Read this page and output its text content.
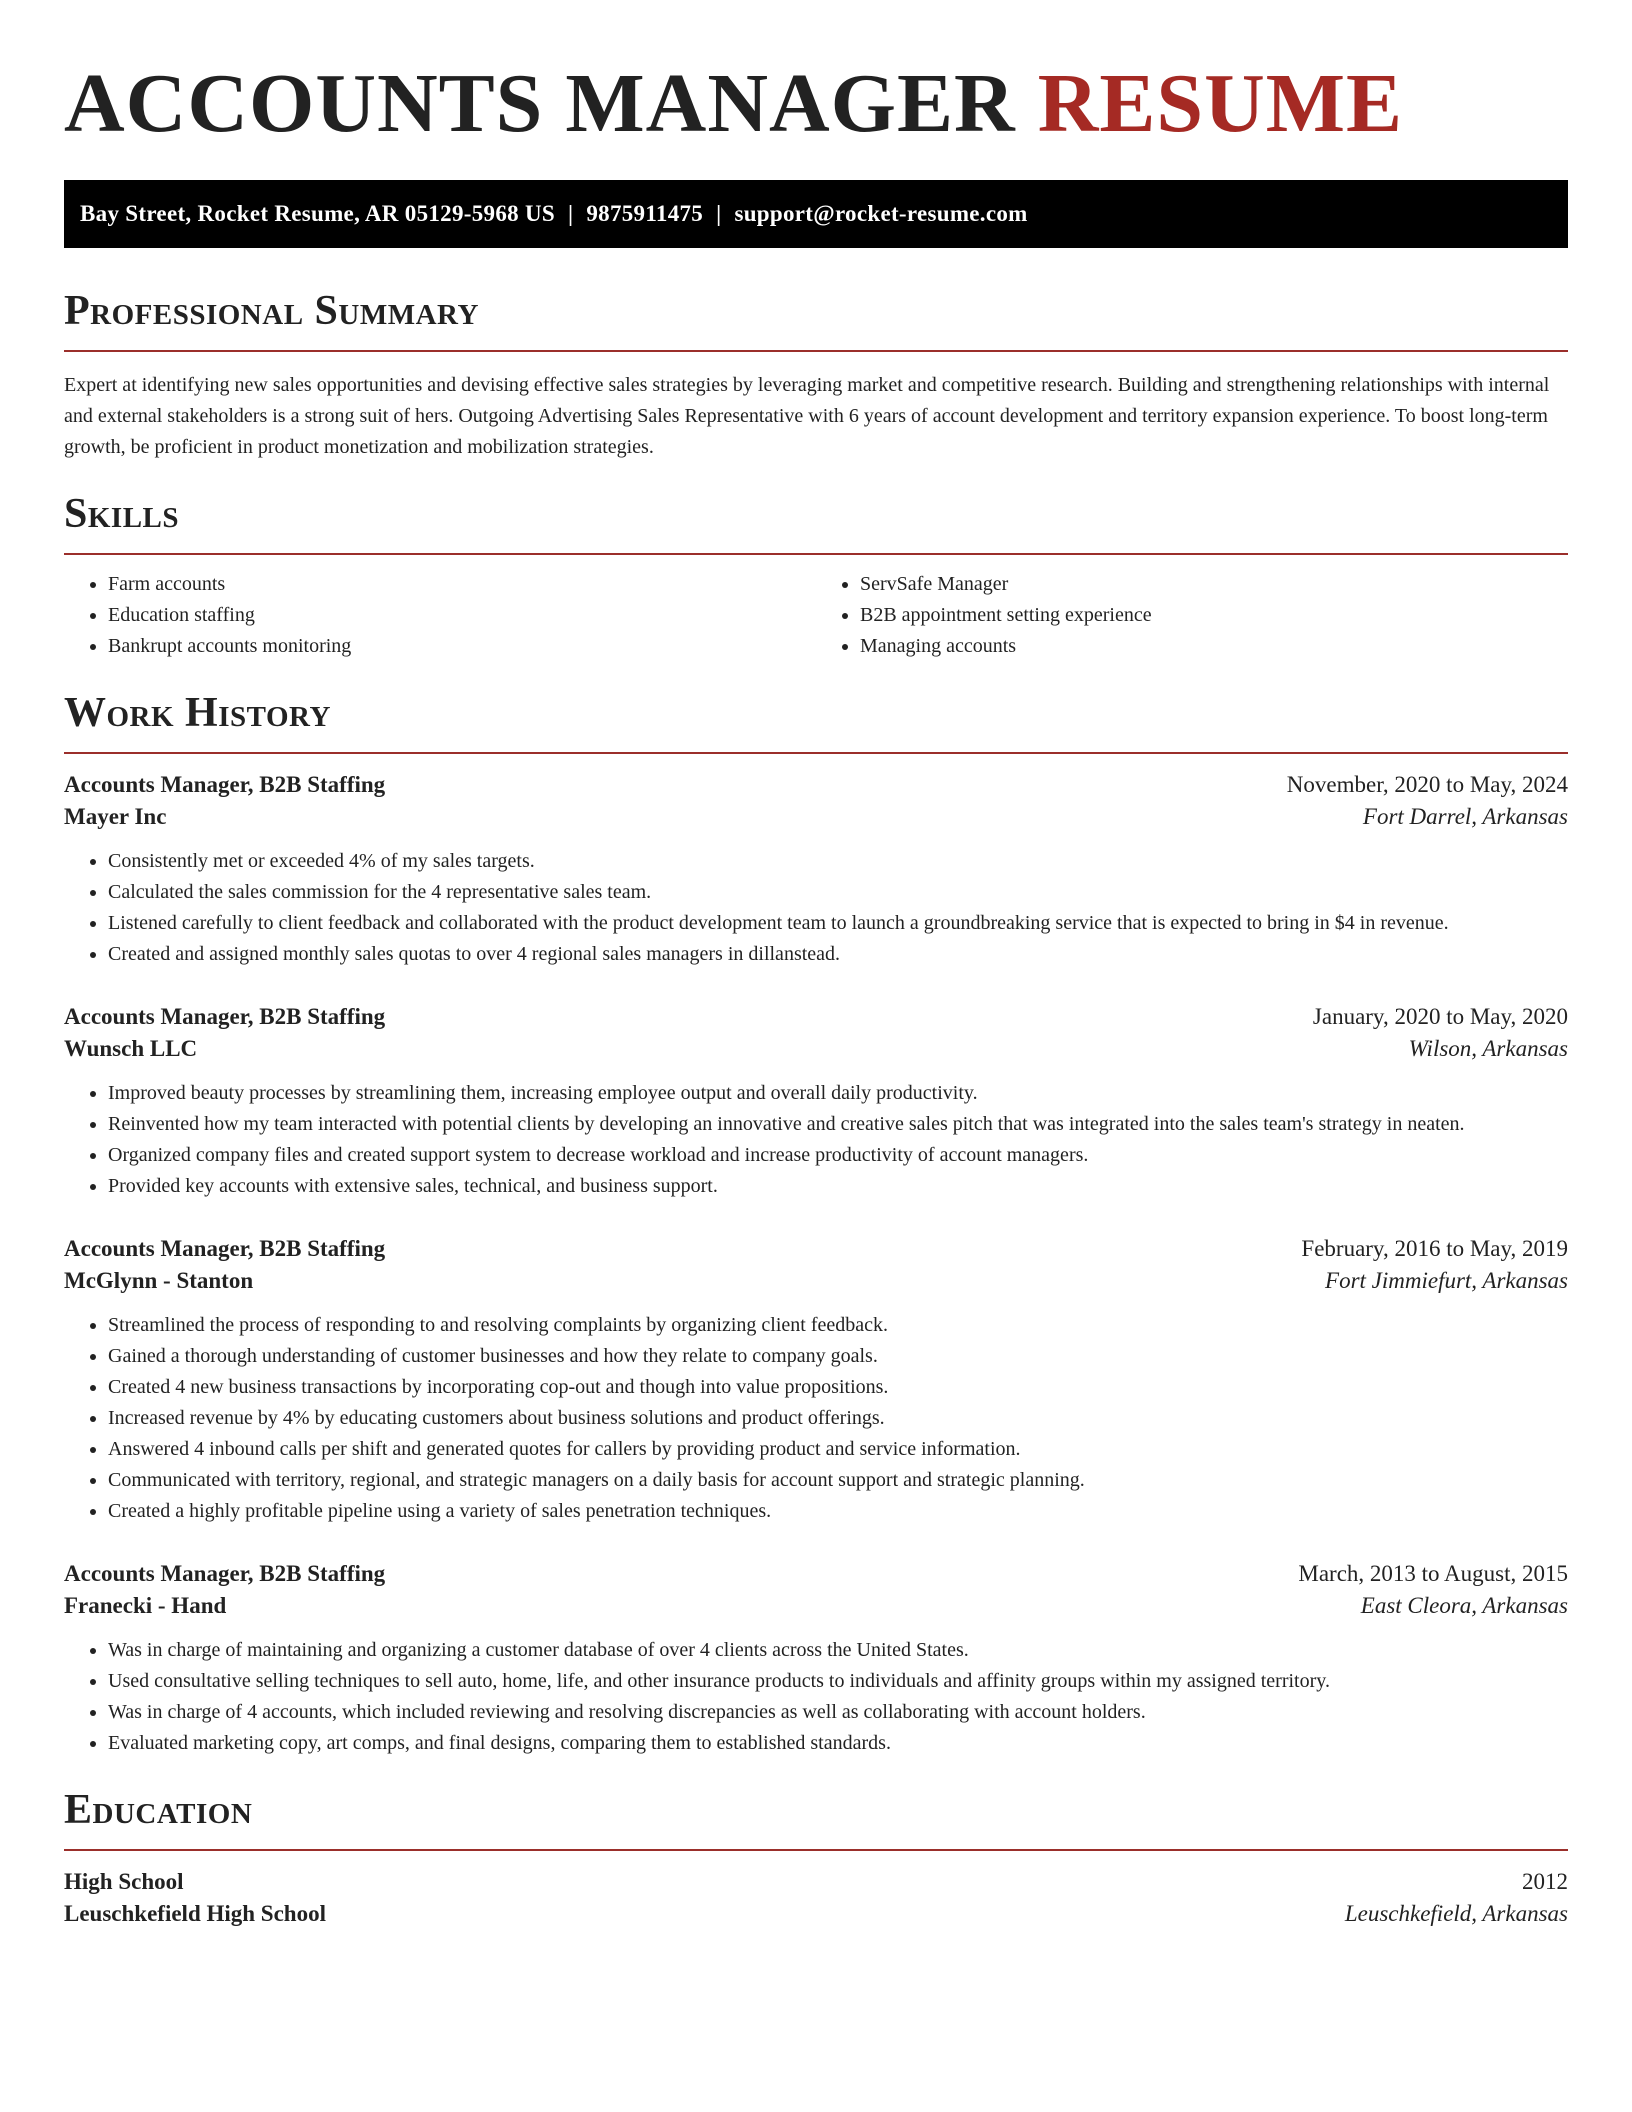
ACCOUNTS MANAGER RESUME
Bay Street, Rocket Resume, AR 05129-5968 US | 9875911475 | support@rocket-resume.com
Professional Summary

Expert at identifying new sales opportunities and devising effective sales strategies by leveraging market and competitive research. Building and strengthening relationships with internal and external stakeholders is a strong suit of hers. Outgoing Advertising Sales Representative with 6 years of account development and territory expansion experience. To boost long-term growth, be proficient in product monetization and mobilization strategies.

Skills
• Farm accounts
• Education staffing
• Bankrupt accounts monitoring
• ServSafe Manager
• B2B appointment setting experience
• Managing accounts
Work History
Accounts Manager, B2B Staffing	November, 2020 to May, 2024
Mayer Inc	Fort Darrel, Arkansas
• Consistently met or exceeded 4% of my sales targets.
• Calculated the sales commission for the 4 representative sales team.
• Listened carefully to client feedback and collaborated with the product development team to launch a groundbreaking service that is expected to bring in $4 in revenue.
• Created and assigned monthly sales quotas to over 4 regional sales managers in dillanstead.
Accounts Manager, B2B Staffing	January, 2020 to May, 2020
Wunsch LLC	Wilson, Arkansas
• Improved beauty processes by streamlining them, increasing employee output and overall daily productivity.
• Reinvented how my team interacted with potential clients by developing an innovative and creative sales pitch that was integrated into the sales team's strategy in neaten.
• Organized company files and created support system to decrease workload and increase productivity of account managers.
• Provided key accounts with extensive sales, technical, and business support.
Accounts Manager, B2B Staffing	February, 2016 to May, 2019
McGlynn - Stanton	Fort Jimmiefurt, Arkansas
• Streamlined the process of responding to and resolving complaints by organizing client feedback.
• Gained a thorough understanding of customer businesses and how they relate to company goals.
• Created 4 new business transactions by incorporating cop-out and though into value propositions.
• Increased revenue by 4% by educating customers about business solutions and product offerings.
• Answered 4 inbound calls per shift and generated quotes for callers by providing product and service information.
• Communicated with territory, regional, and strategic managers on a daily basis for account support and strategic planning.
• Created a highly profitable pipeline using a variety of sales penetration techniques.
Accounts Manager, B2B Staffing	March, 2013 to August, 2015
Franecki - Hand	East Cleora, Arkansas
• Was in charge of maintaining and organizing a customer database of over 4 clients across the United States.
• Used consultative selling techniques to sell auto, home, life, and other insurance products to individuals and affinity groups within my assigned territory.
• Was in charge of 4 accounts, which included reviewing and resolving discrepancies as well as collaborating with account holders.
• Evaluated marketing copy, art comps, and final designs, comparing them to established standards.
Education
High School	2012
Leuschkefield High School	Leuschkefield, Arkansas
